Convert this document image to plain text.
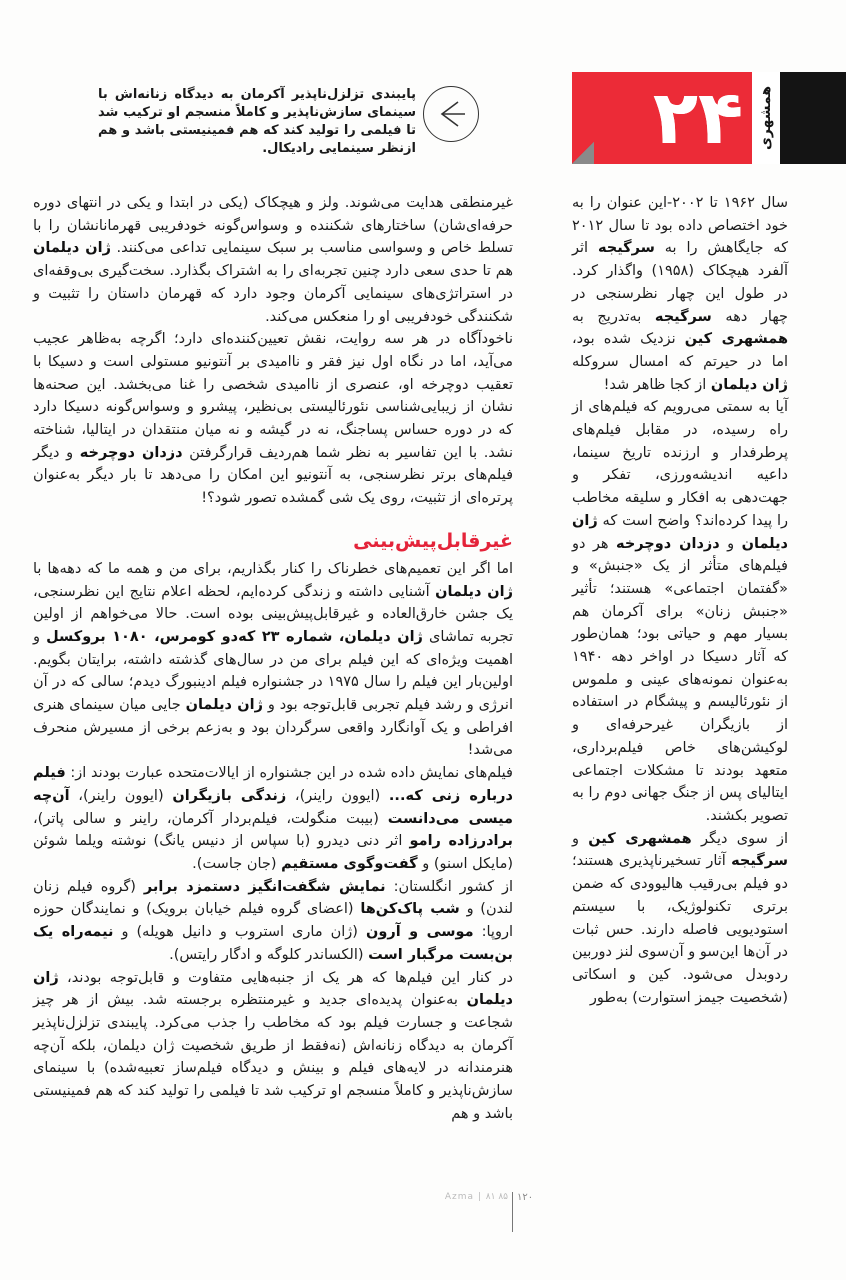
۲۴	همشهری
پایبندی تزلزل‌ناپذیر آکرمان به دیدگاه زنانه‌اش با سینمای سازش‌ناپذیر و کاملاً منسجم او ترکیب شد تا فیلمی را تولید کند که هم فمینیستی باشد و هم ازنظر سینمایی رادیکال.

سال ۱۹۶۲ تا ۲۰۰۲-این عنوان را به خود اختصاص داده بود تا سال ۲۰۱۲ که جایگاهش را به سرگیجه اثر آلفرد هیچکاک (۱۹۵۸) واگذار کرد. در طول این چهار نظرسنجی در چهار دهه سرگیجه به‌تدریج به همشهری کین نزدیک شده بود، اما در حیرتم که امسال سروکله ژان دیلمان از کجا ظاهر شد!

آیا به سمتی می‌رویم که فیلم‌های از راه رسیده، در مقابل فیلم‌های پرطرفدار و ارزنده تاریخ سینما، داعیه اندیشه‌ورزی، تفکر و جهت‌دهی به افکار و سلیقه مخاطب را پیدا کرده‌اند؟ واضح است که ژان دیلمان و دزدان دوچرخه هر دو فیلم‌های متأثر از یک «جنبش» و «گفتمان اجتماعی» هستند؛ تأثیر «جنبش زنان» برای آکرمان هم بسیار مهم و حیاتی بود؛ همان‌طور که آثار دسیکا در اواخر دهه ۱۹۴۰ به‌عنوان نمونه‌های عینی و ملموس از نئورئالیسم و پیشگام در استفاده از بازیگران غیرحرفه‌ای و لوکیشن‌های خاص فیلم‌برداری، متعهد بودند تا مشکلات اجتماعی ایتالیای پس از جنگ جهانی دوم را به تصویر بکشند.

از سوی دیگر همشهری کین و سرگیجه آثار تسخیرناپذیری هستند؛ دو فیلم بی‌رقیب هالیوودی که ضمن برتری تکنولوژیک، با سیستم استودیویی فاصله دارند. حس ثبات در آن‌ها این‌سو و آن‌سوی لنز دوربین ردوبدل می‌شود. کین و اسکاتی (شخصیت جیمز استوارت) به‌طور

غیرمنطقی هدایت می‌شوند. ولز و هیچکاک (یکی در ابتدا و یکی در انتهای دوره حرفه‌ای‌شان) ساختارهای شکننده و وسواس‌گونه خودفریبی قهرمانانشان را با تسلط خاص و وسواسی مناسب بر سبک سینمایی تداعی می‌کنند. ژان دیلمان هم تا حدی سعی دارد چنین تجربه‌ای را به اشتراک بگذارد. سخت‌گیری بی‌وقفه‌ای در استراتژی‌های سینمایی آکرمان وجود دارد که قهرمان داستان را تثبیت و شکنندگی خودفریبی او را منعکس می‌کند.

ناخودآگاه در هر سه روایت، نقش تعیین‌کننده‌ای دارد؛ اگرچه به‌ظاهر عجیب می‌آید، اما در نگاه اول نیز فقر و ناامیدی بر آنتونیو مستولی است و دسیکا با تعقیب دوچرخه او، عنصری از ناامیدی شخصی را غنا می‌بخشد. این صحنه‌ها نشان از زیبایی‌شناسی نئورئالیستی بی‌نظیر، پیشرو و وسواس‌گونه دسیکا دارد که در دوره حساس پساجنگ، نه در گیشه و نه میان منتقدان در ایتالیا، شناخته نشد. با این تفاسیر به نظر شما هم‌ردیف قرارگرفتن دزدان دوچرخه و دیگر فیلم‌های برتر نظرسنجی، به آنتونیو این امکان را می‌دهد تا بار دیگر به‌عنوان پرتره‌ای از تثبیت، روی یک شی گمشده تصور شود؟!

غیرقابل‌پیش‌بینی

اما اگر این تعمیم‌های خطرناک را کنار بگذاریم، برای من و همه ما که دهه‌ها با ژان دیلمان آشنایی داشته و زندگی کرده‌ایم، لحظه اعلام نتایج این نظرسنجی، یک جشن خارق‌العاده و غیرقابل‌پیش‌بینی بوده است. حالا می‌خواهم از اولین تجربه تماشای ژان دیلمان، شماره ۲۳ که‌دو کومرس، ۱۰۸۰ بروکسل و اهمیت ویژه‌ای که این فیلم برای من در سال‌های گذشته داشته، برایتان بگویم. اولین‌بار این فیلم را سال ۱۹۷۵ در جشنواره فیلم ادینبورگ دیدم؛ سالی که در آن انرژی و رشد فیلم تجربی قابل‌توجه بود و ژان دیلمان جایی میان سینمای هنری افراطی و یک آوانگارد واقعی سرگردان بود و به‌زعم برخی از مسیرش منحرف می‌شد!

فیلم‌های نمایش داده شده در این جشنواره از ایالات‌متحده عبارت بودند از: فیلم درباره زنی که... (ایوون راینر)، زندگی بازیگران (ایوون راینر)، آن‌چه میسی می‌دانست (بیبت منگولت، فیلم‌بردار آکرمان، راینر و سالی پاتر)، برادرزاده رامو اثر دنی دیدرو (با سپاس از دنیس یانگ) نوشته ویلما شوئن (مایکل اسنو) و گفت‌وگوی مستقیم (جان جاست).

از کشور انگلستان: نمایش شگفت‌انگیز دستمزد برابر (گروه فیلم زنان لندن) و شب پاک‌کن‌ها (اعضای گروه فیلم خیابان برویک) و نمایندگان حوزه اروپا: موسی و آرون (ژان ماری استروب و دانیل هویله) و نیمه‌راه یک بن‌بست مرگبار است (الکساندر کلوگه و ادگار رایتس).

در کنار این فیلم‌ها که هر یک از جنبه‌هایی متفاوت و قابل‌توجه بودند، ژان دیلمان به‌عنوان پدیده‌ای جدید و غیرمنتظره برجسته شد. بیش از هر چیز شجاعت و جسارت فیلم بود که مخاطب را جذب می‌کرد. پایبندی تزلزل‌ناپذیر آکرمان به دیدگاه زنانه‌اش (نه‌فقط از طریق شخصیت ژان دیلمان، بلکه آن‌چه هنرمندانه در لایه‌های فیلم و بینش و دیدگاه فیلم‌ساز تعبیه‌شده) با سینمای سازش‌ناپذیر و کاملاً منسجم او ترکیب شد تا فیلمی را تولید کند که هم فمینیستی باشد و هم

Azma | ۸۱ ۸۵ ۱۲۰
